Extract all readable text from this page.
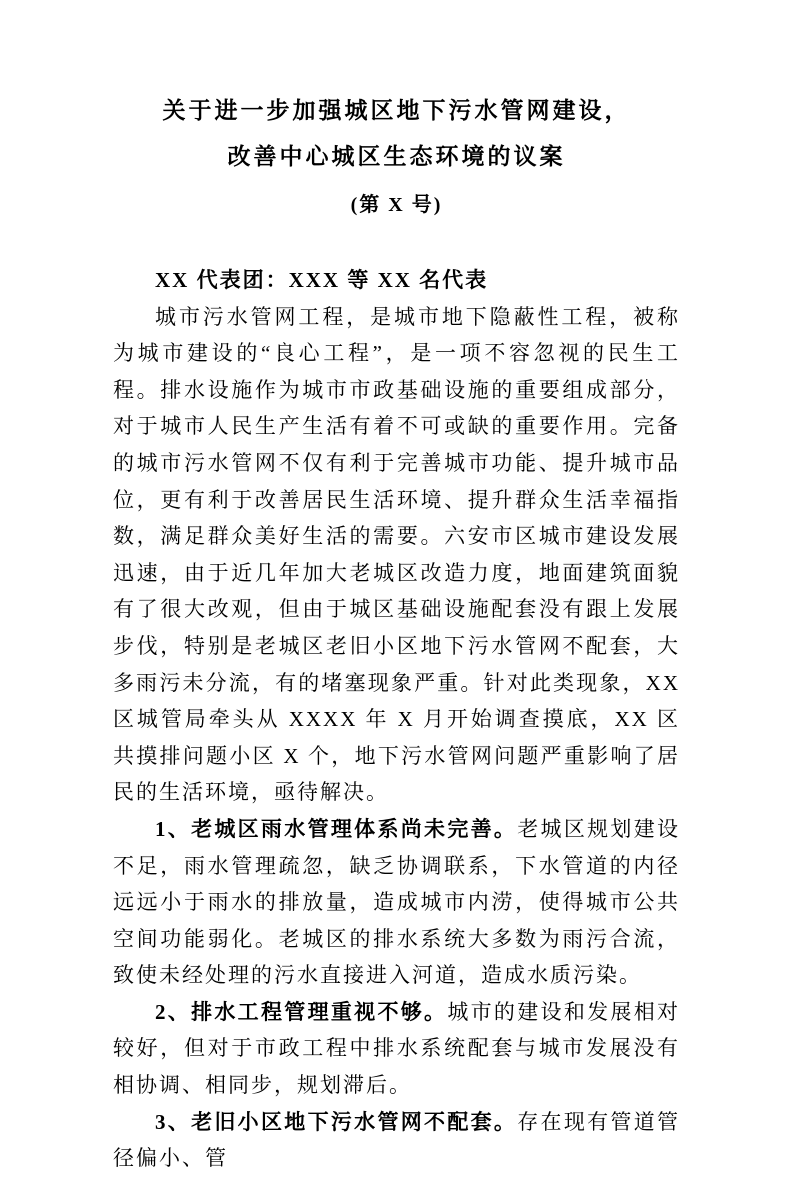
关于进一步加强城区地下污水管网建设，
改善中心城区生态环境的议案
(第 X 号)
XX 代表团：XXX 等 XX 名代表

城市污水管网工程，是城市地下隐蔽性工程，被称为城市建设的“良心工程”，是一项不容忽视的民生工程。排水设施作为城市市政基础设施的重要组成部分，对于城市人民生产生活有着不可或缺的重要作用。完备的城市污水管网不仅有利于完善城市功能、提升城市品位，更有利于改善居民生活环境、提升群众生活幸福指数，满足群众美好生活的需要。六安市区城市建设发展迅速，由于近几年加大老城区改造力度，地面建筑面貌有了很大改观，但由于城区基础设施配套没有跟上发展步伐，特别是老城区老旧小区地下污水管网不配套，大多雨污未分流，有的堵塞现象严重。针对此类现象，XX 区城管局牵头从 XXXX 年 X 月开始调查摸底，XX 区共摸排问题小区 X 个，地下污水管网问题严重影响了居民的生活环境，亟待解决。

1、老城区雨水管理体系尚未完善。老城区规划建设不足，雨水管理疏忽，缺乏协调联系，下水管道的内径远远小于雨水的排放量，造成城市内涝，使得城市公共空间功能弱化。老城区的排水系统大多数为雨污合流，致使未经处理的污水直接进入河道，造成水质污染。

2、排水工程管理重视不够。城市的建设和发展相对较好，但对于市政工程中排水系统配套与城市发展没有相协调、相同步，规划滞后。

3、老旧小区地下污水管网不配套。存在现有管道管径偏小、管
